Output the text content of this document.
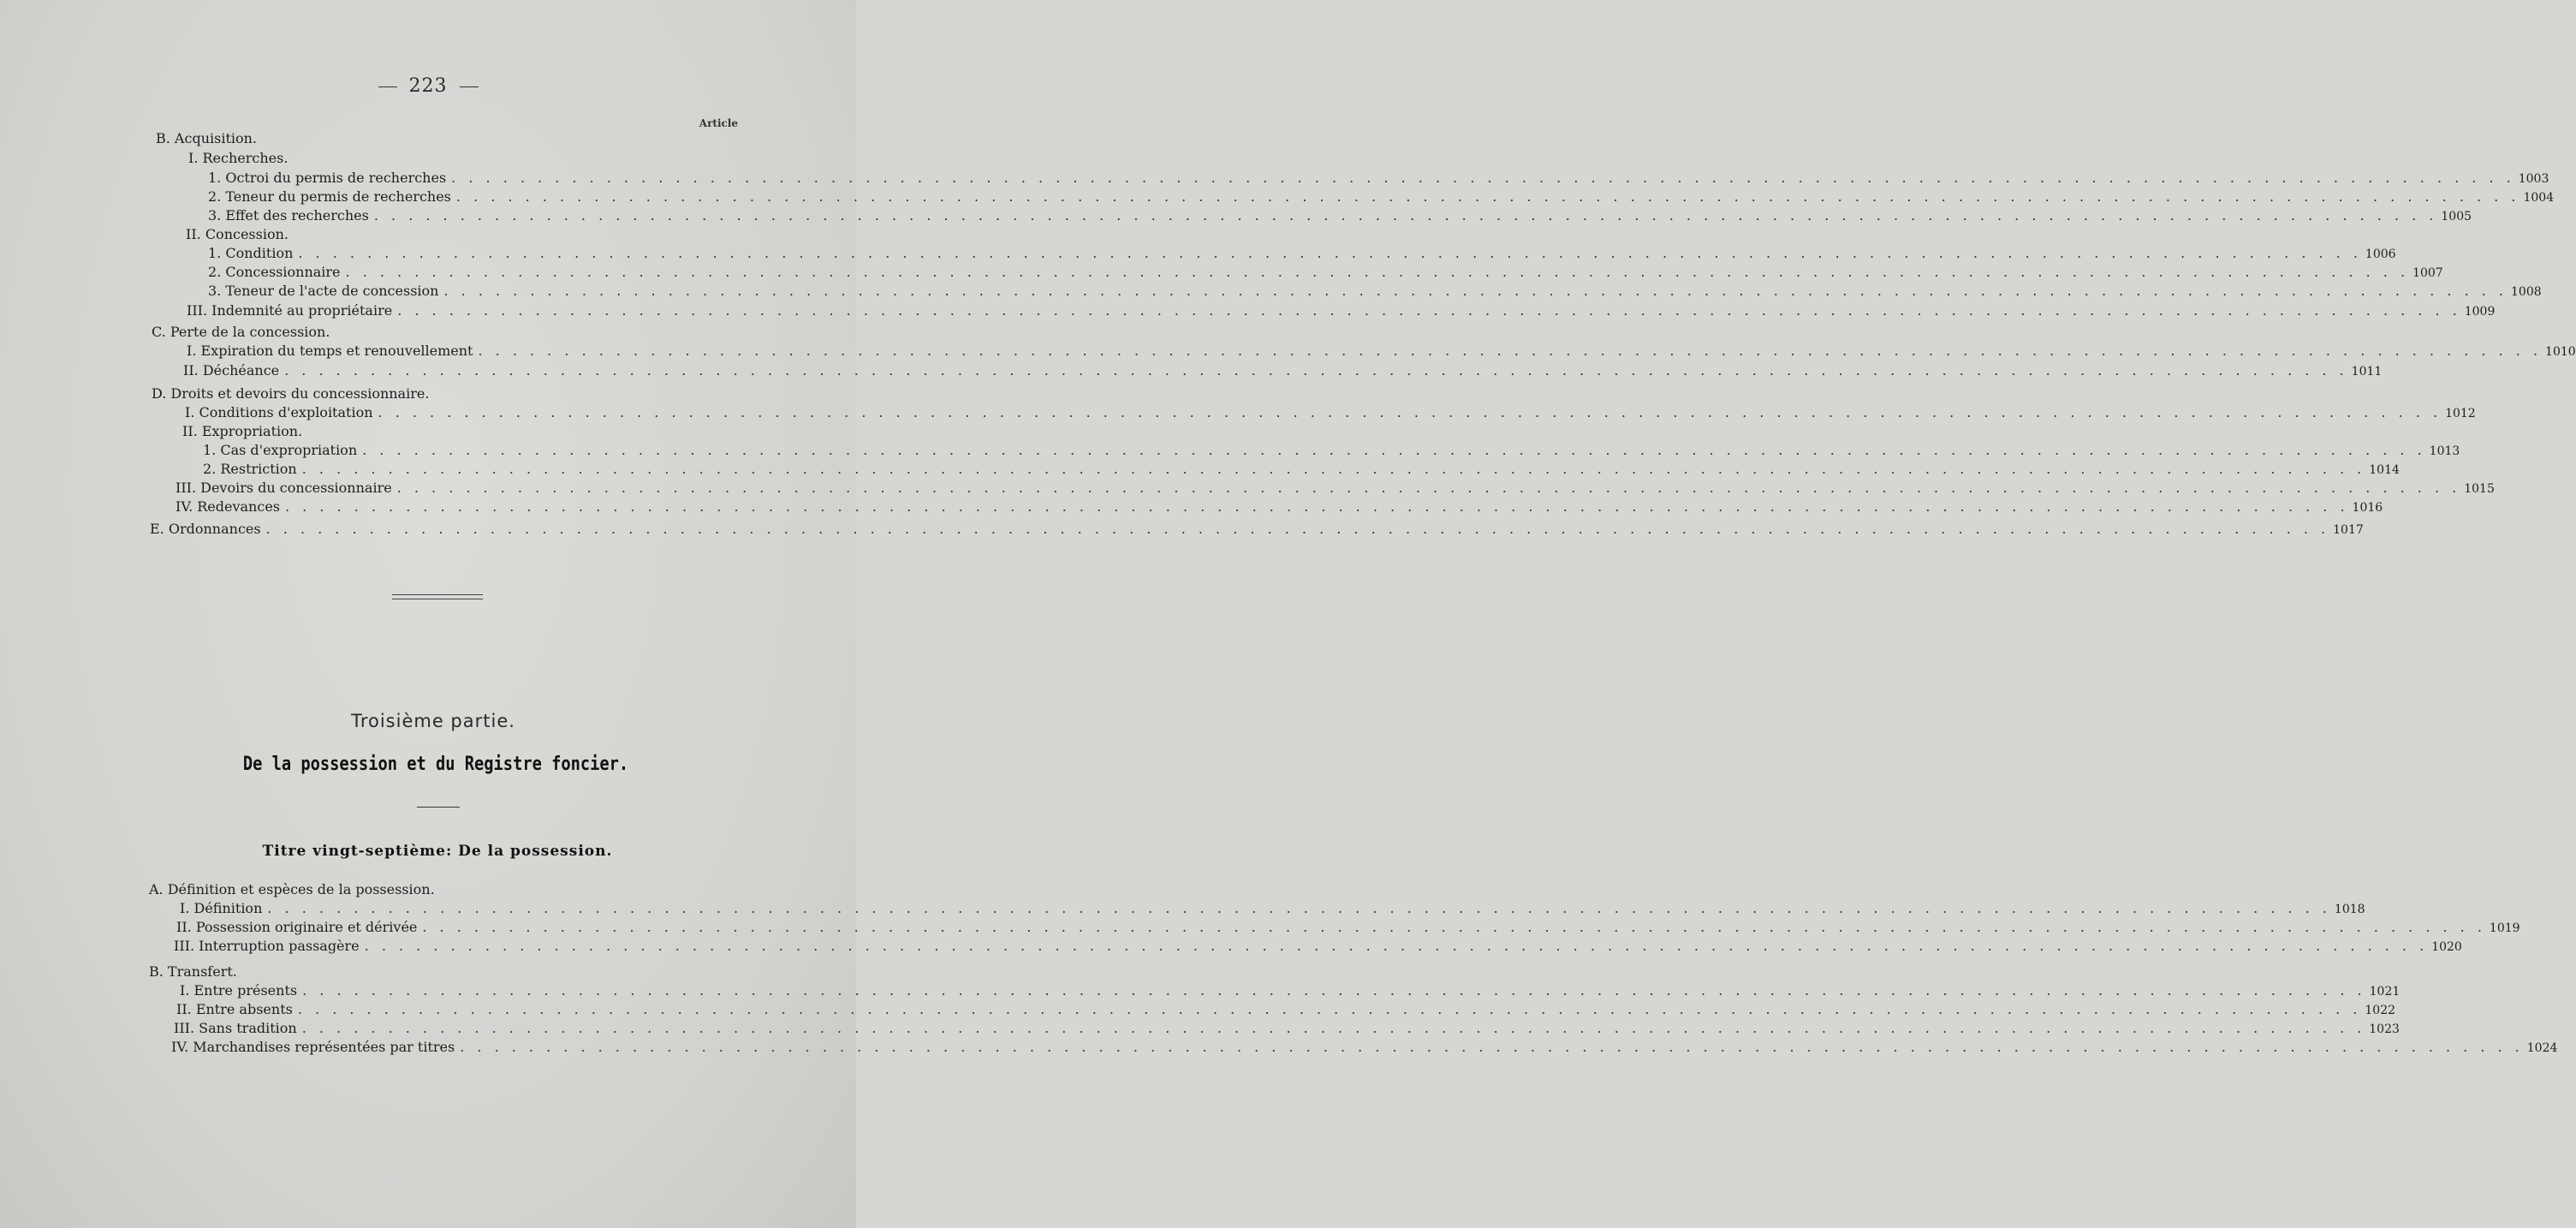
223
Article
B. Acquisition.
I. Recherches.
1. Octroi du permis de recherches . . . . . . . . . . . . . . . . . . . . . . . . . . . . . . . . . . . . . . . . . . . . . . . . . . . . . . . . . . . . . . . . . . . . . . . . . . . . . . . . . . . . . . . . . . . . . . . . . . . . . . . . . . . . . . . . . . . . . . . . 1003
2. Teneur du permis de recherches . . . . . . . . . . . . . . . . . . . . . . . . . . . . . . . . . . . . . . . . . . . . . . . . . . . . . . . . . . . . . . . . . . . . . . . . . . . . . . . . . . . . . . . . . . . . . . . . . . . . . . . . . . . . . . . . . . . . . . . . 1004
3. Effet des recherches . . . . . . . . . . . . . . . . . . . . . . . . . . . . . . . . . . . . . . . . . . . . . . . . . . . . . . . . . . . . . . . . . . . . . . . . . . . . . . . . . . . . . . . . . . . . . . . . . . . . . . . . . . . . . . . . . . . . . . . . 1005
II. Concession.
1. Condition . . . . . . . . . . . . . . . . . . . . . . . . . . . . . . . . . . . . . . . . . . . . . . . . . . . . . . . . . . . . . . . . . . . . . . . . . . . . . . . . . . . . . . . . . . . . . . . . . . . . . . . . . . . . . . . . . . . . . . . . 1006
2. Concessionnaire . . . . . . . . . . . . . . . . . . . . . . . . . . . . . . . . . . . . . . . . . . . . . . . . . . . . . . . . . . . . . . . . . . . . . . . . . . . . . . . . . . . . . . . . . . . . . . . . . . . . . . . . . . . . . . . . . . . . . . . . 1007
3. Teneur de l'acte de concession . . . . . . . . . . . . . . . . . . . . . . . . . . . . . . . . . . . . . . . . . . . . . . . . . . . . . . . . . . . . . . . . . . . . . . . . . . . . . . . . . . . . . . . . . . . . . . . . . . . . . . . . . . . . . . . . . . . . . . . . 1008
III. Indemnité au propriétaire . . . . . . . . . . . . . . . . . . . . . . . . . . . . . . . . . . . . . . . . . . . . . . . . . . . . . . . . . . . . . . . . . . . . . . . . . . . . . . . . . . . . . . . . . . . . . . . . . . . . . . . . . . . . . . . . . . . . . . . . 1009
C. Perte de la concession.
I. Expiration du temps et renouvellement . . . . . . . . . . . . . . . . . . . . . . . . . . . . . . . . . . . . . . . . . . . . . . . . . . . . . . . . . . . . . . . . . . . . . . . . . . . . . . . . . . . . . . . . . . . . . . . . . . . . . . . . . . . . . . . . . . . . . . . . 1010
II. Déchéance . . . . . . . . . . . . . . . . . . . . . . . . . . . . . . . . . . . . . . . . . . . . . . . . . . . . . . . . . . . . . . . . . . . . . . . . . . . . . . . . . . . . . . . . . . . . . . . . . . . . . . . . . . . . . . . . . . . . . . . . 1011
D. Droits et devoirs du concessionnaire.
I. Conditions d'exploitation . . . . . . . . . . . . . . . . . . . . . . . . . . . . . . . . . . . . . . . . . . . . . . . . . . . . . . . . . . . . . . . . . . . . . . . . . . . . . . . . . . . . . . . . . . . . . . . . . . . . . . . . . . . . . . . . . . . . . . . . 1012
II. Expropriation.
1. Cas d'expropriation . . . . . . . . . . . . . . . . . . . . . . . . . . . . . . . . . . . . . . . . . . . . . . . . . . . . . . . . . . . . . . . . . . . . . . . . . . . . . . . . . . . . . . . . . . . . . . . . . . . . . . . . . . . . . . . . . . . . . . . . 1013
2. Restriction . . . . . . . . . . . . . . . . . . . . . . . . . . . . . . . . . . . . . . . . . . . . . . . . . . . . . . . . . . . . . . . . . . . . . . . . . . . . . . . . . . . . . . . . . . . . . . . . . . . . . . . . . . . . . . . . . . . . . . . . 1014
III. Devoirs du concessionnaire . . . . . . . . . . . . . . . . . . . . . . . . . . . . . . . . . . . . . . . . . . . . . . . . . . . . . . . . . . . . . . . . . . . . . . . . . . . . . . . . . . . . . . . . . . . . . . . . . . . . . . . . . . . . . . . . . . . . . . . . 1015
IV. Redevances . . . . . . . . . . . . . . . . . . . . . . . . . . . . . . . . . . . . . . . . . . . . . . . . . . . . . . . . . . . . . . . . . . . . . . . . . . . . . . . . . . . . . . . . . . . . . . . . . . . . . . . . . . . . . . . . . . . . . . . . 1016
E. Ordonnances . . . . . . . . . . . . . . . . . . . . . . . . . . . . . . . . . . . . . . . . . . . . . . . . . . . . . . . . . . . . . . . . . . . . . . . . . . . . . . . . . . . . . . . . . . . . . . . . . . . . . . . . . . . . . . . . . . . . . . . . 1017
A. Définition et espèces de la possession.
I. Définition . . . . . . . . . . . . . . . . . . . . . . . . . . . . . . . . . . . . . . . . . . . . . . . . . . . . . . . . . . . . . . . . . . . . . . . . . . . . . . . . . . . . . . . . . . . . . . . . . . . . . . . . . . . . . . . . . . . . . . . . 1018
II. Possession originaire et dérivée . . . . . . . . . . . . . . . . . . . . . . . . . . . . . . . . . . . . . . . . . . . . . . . . . . . . . . . . . . . . . . . . . . . . . . . . . . . . . . . . . . . . . . . . . . . . . . . . . . . . . . . . . . . . . . . . . . . . . . . . 1019
III. Interruption passagère . . . . . . . . . . . . . . . . . . . . . . . . . . . . . . . . . . . . . . . . . . . . . . . . . . . . . . . . . . . . . . . . . . . . . . . . . . . . . . . . . . . . . . . . . . . . . . . . . . . . . . . . . . . . . . . . . . . . . . . . 1020
B. Transfert.
I. Entre présents . . . . . . . . . . . . . . . . . . . . . . . . . . . . . . . . . . . . . . . . . . . . . . . . . . . . . . . . . . . . . . . . . . . . . . . . . . . . . . . . . . . . . . . . . . . . . . . . . . . . . . . . . . . . . . . . . . . . . . . . 1021
II. Entre absents . . . . . . . . . . . . . . . . . . . . . . . . . . . . . . . . . . . . . . . . . . . . . . . . . . . . . . . . . . . . . . . . . . . . . . . . . . . . . . . . . . . . . . . . . . . . . . . . . . . . . . . . . . . . . . . . . . . . . . . . 1022
III. Sans tradition . . . . . . . . . . . . . . . . . . . . . . . . . . . . . . . . . . . . . . . . . . . . . . . . . . . . . . . . . . . . . . . . . . . . . . . . . . . . . . . . . . . . . . . . . . . . . . . . . . . . . . . . . . . . . . . . . . . . . . . . 1023
IV. Marchandises représentées par titres . . . . . . . . . . . . . . . . . . . . . . . . . . . . . . . . . . . . . . . . . . . . . . . . . . . . . . . . . . . . . . . . . . . . . . . . . . . . . . . . . . . . . . . . . . . . . . . . . . . . . . . . . . . . . . . . . . . . . . . . 1024
Troisième partie.
De la possession et du Registre foncier.
Titre vingt-septième: De la possession.
